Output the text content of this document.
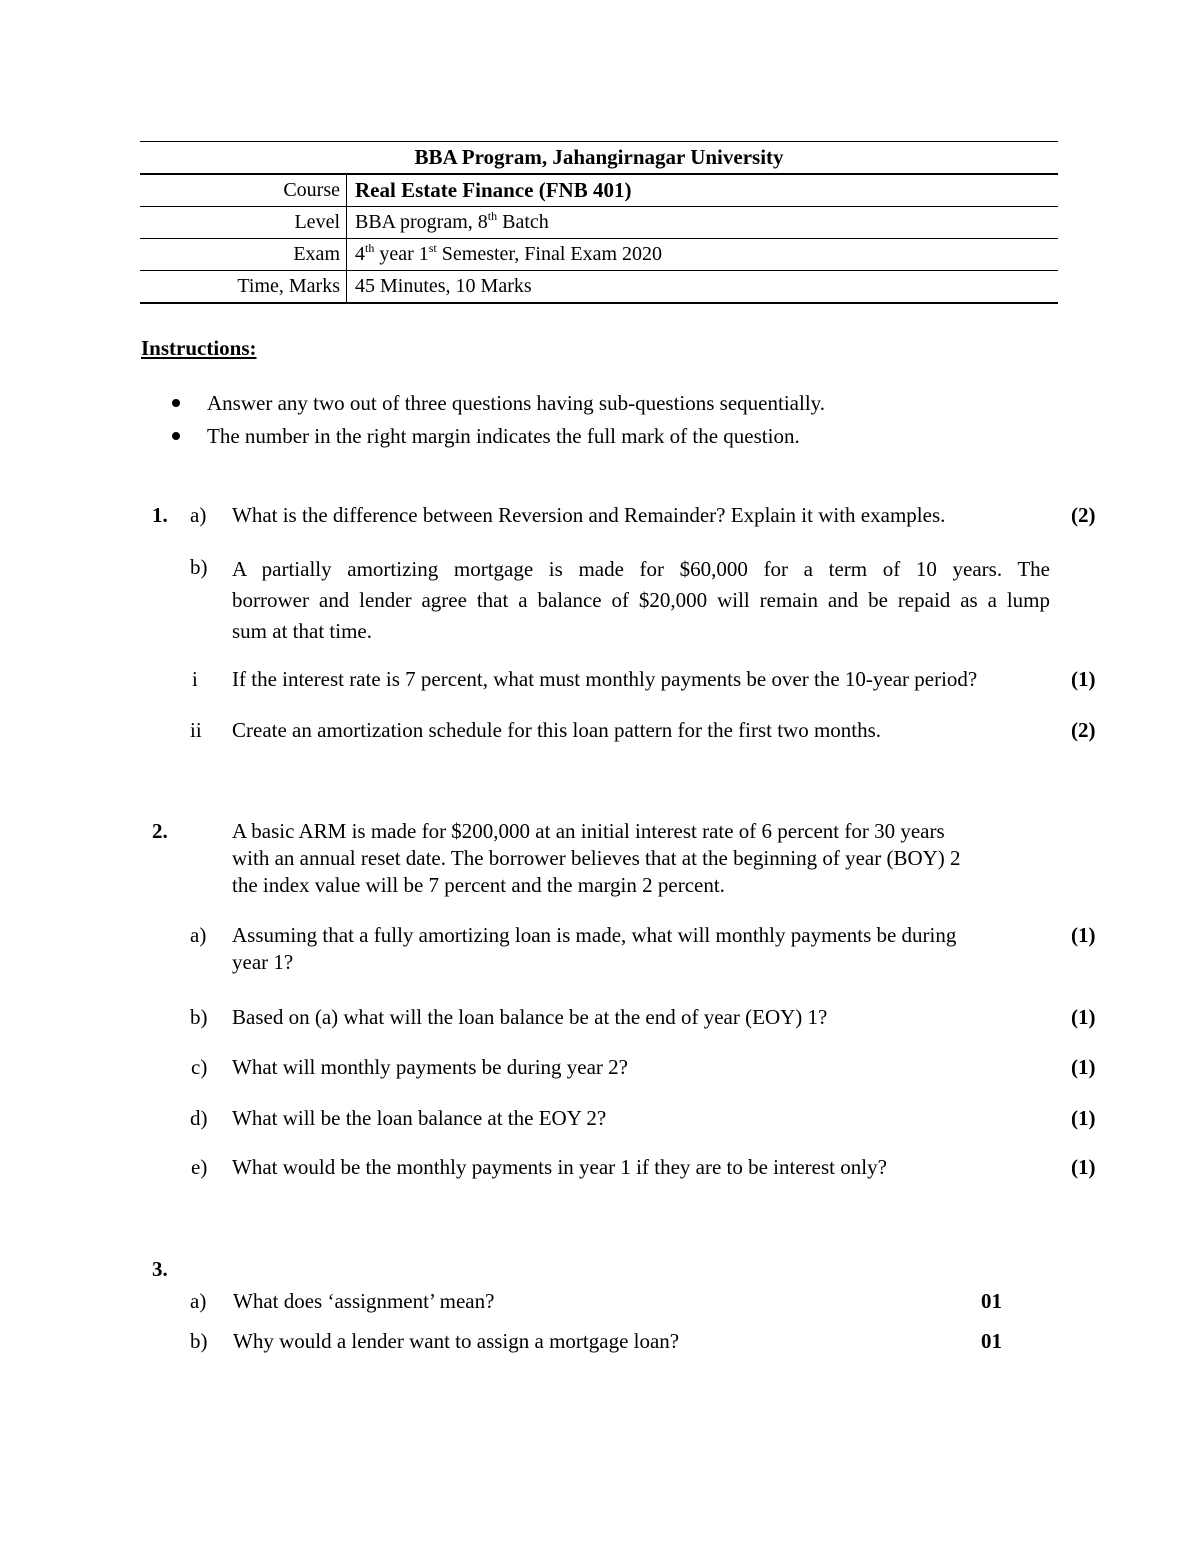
BBA Program, Jahangirnagar University
Course Real Estate Finance (FNB 401)
Level BBA program, 8th Batch
Exam 4th year 1st Semester, Final Exam 2020
Time, Marks 45 Minutes, 10 Marks
Instructions:
Answer any two out of three questions having sub-questions sequentially.
The number in the right margin indicates the full mark of the question.
1. a) What is the difference between Reversion and Remainder? Explain it with examples.	(2)
b) A partially amortizing mortgage is made for $60,000 for a term of 10 years. The
borrower and lender agree that a balance of $20,000 will remain and be repaid as a lump
sum at that time.
i If the interest rate is 7 percent, what must monthly payments be over the 10-year period?	(1)
ii Create an amortization schedule for this loan pattern for the first two months.	(2)
2.	A basic ARM is made for $200,000 at an initial interest rate of 6 percent for 30 years
with an annual reset date. The borrower believes that at the beginning of year (BOY) 2
the index value will be 7 percent and the margin 2 percent.
a) Assuming that a fully amortizing loan is made, what will monthly payments be during
year 1?
(1)
b) Based on (a) what will the loan balance be at the end of year (EOY) 1?	(1)
c) What will monthly payments be during year 2?	(1)
d) What will be the loan balance at the EOY 2?	(1)
e) What would be the monthly payments in year 1 if they are to be interest only?	(1)
3.
a) What does ‘assignment’ mean?	01
b) Why would a lender want to assign a mortgage loan?	01
